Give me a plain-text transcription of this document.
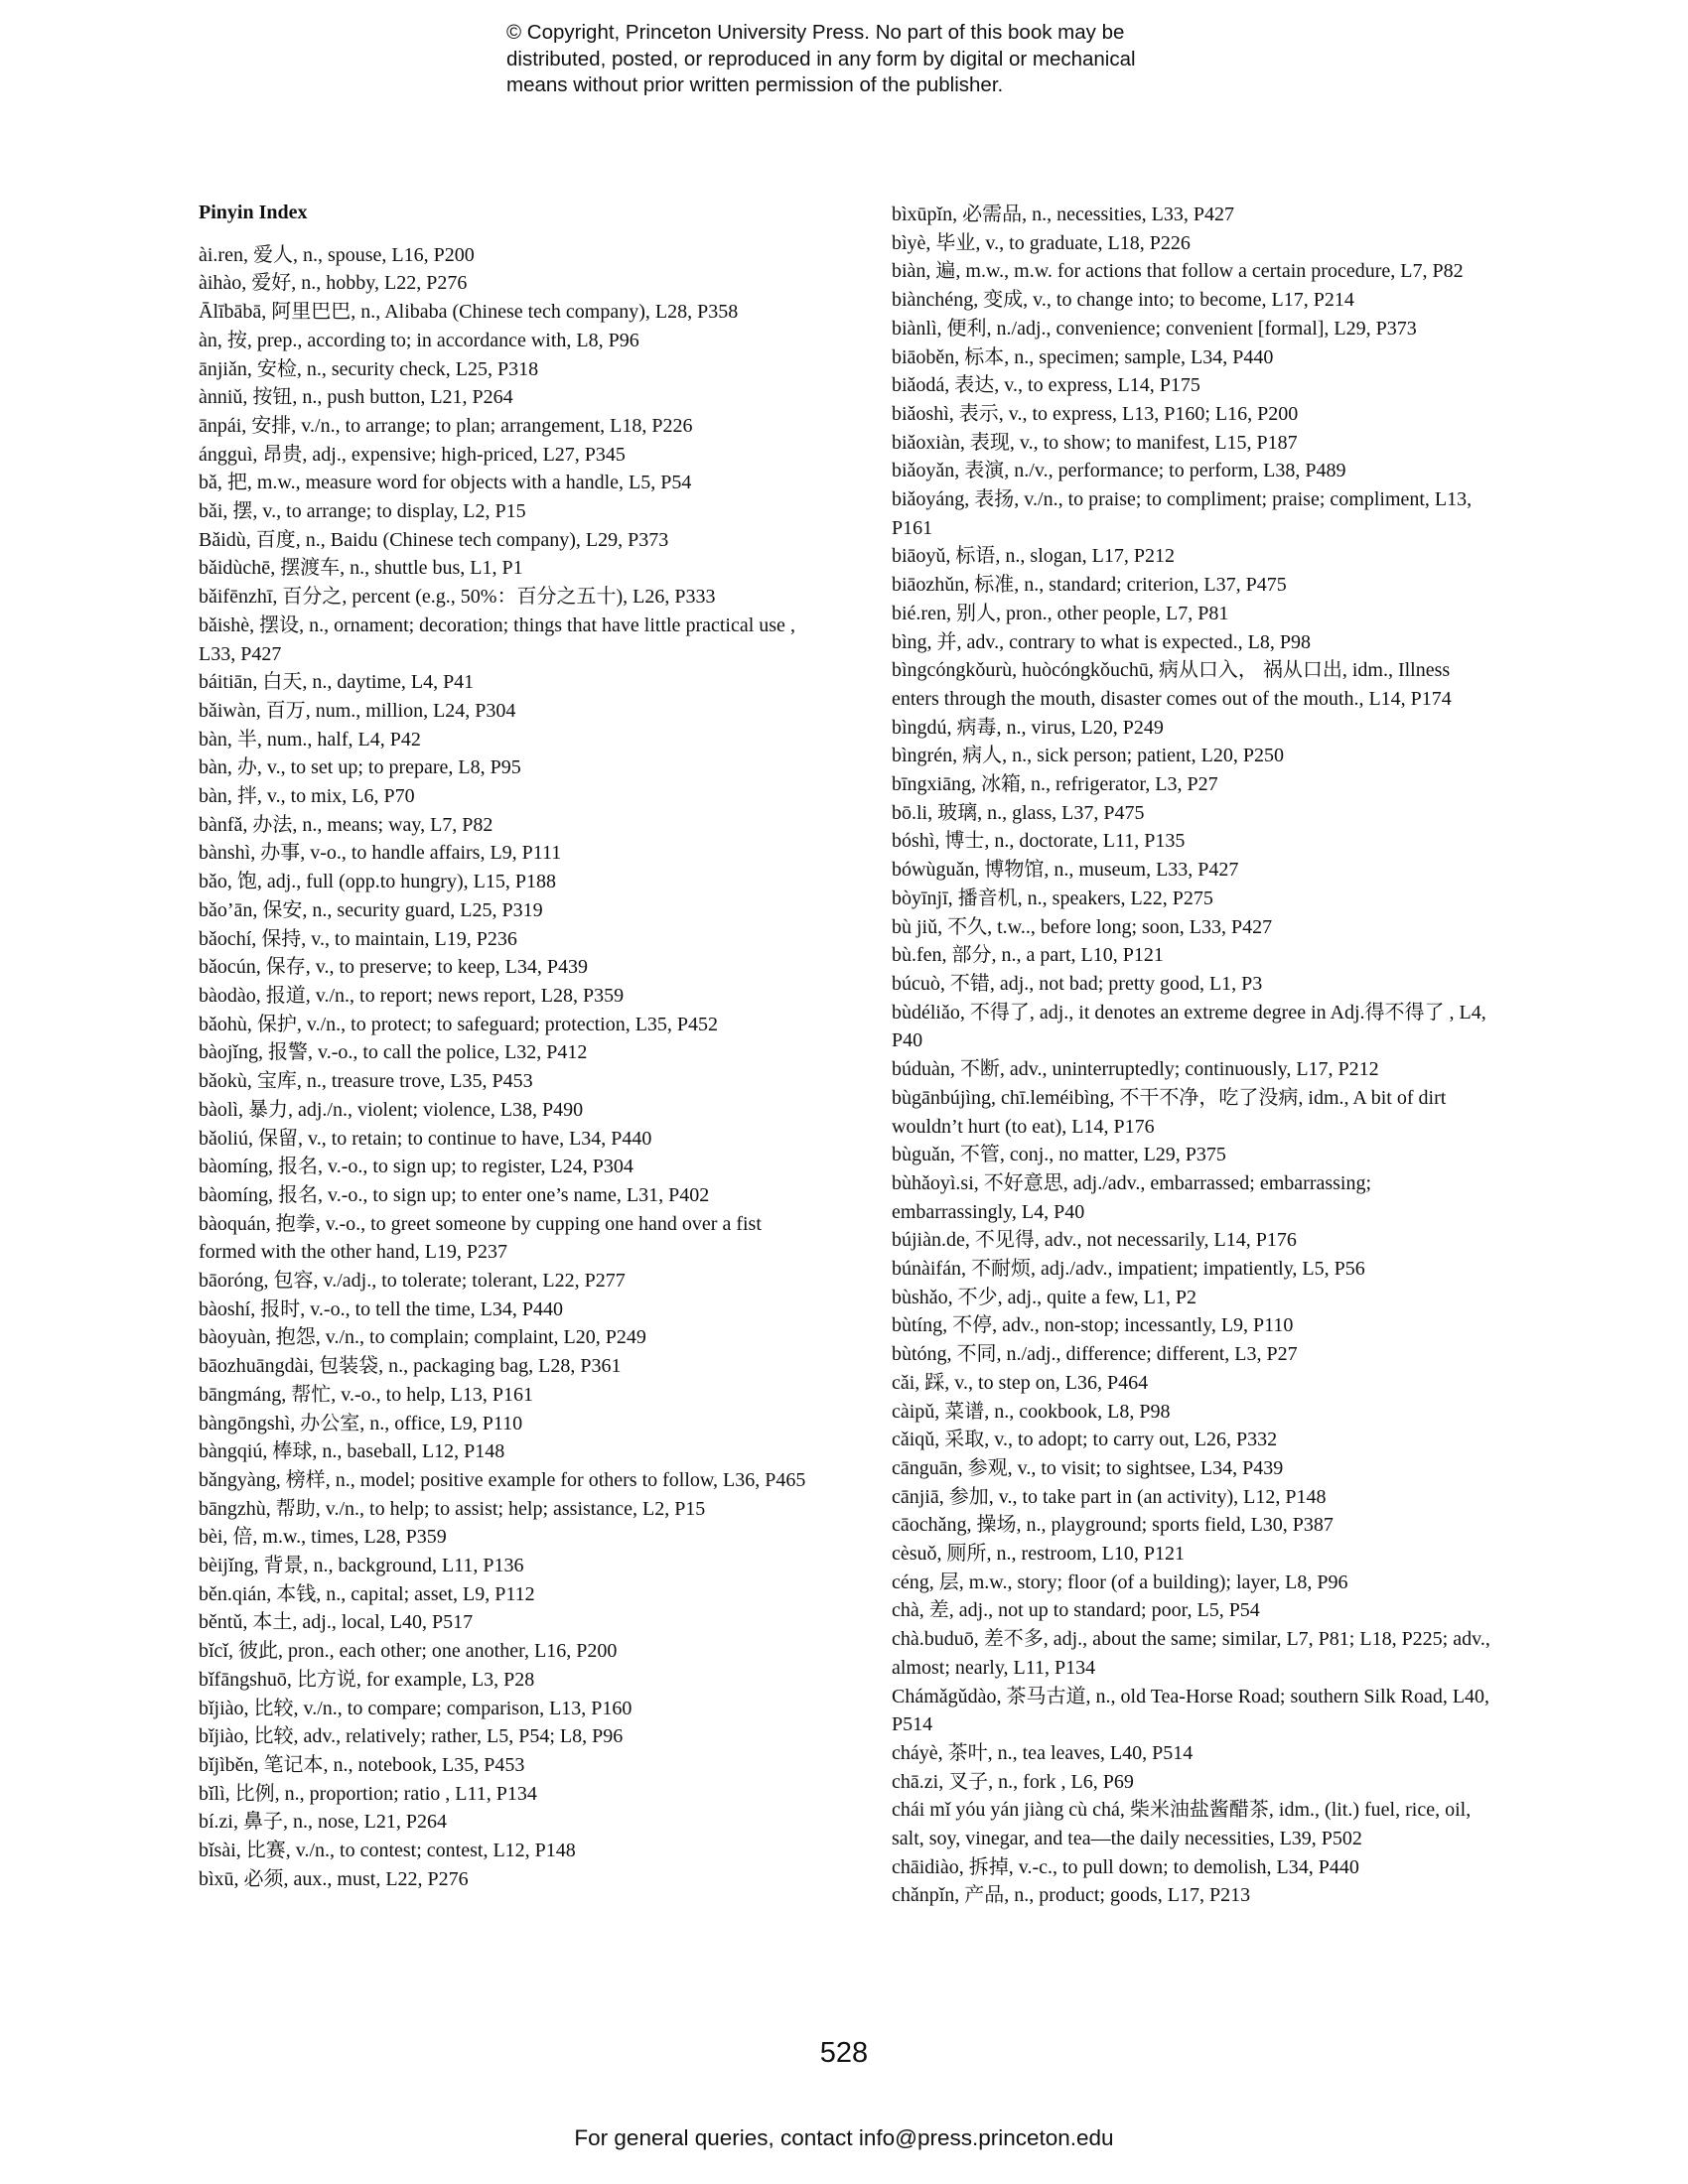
© Copyright, Princeton University Press. No part of this book may be
distributed, posted, or reproduced in any form by digital or mechanical
means without prior written permission of the publisher.
Pinyin Index
ài.ren, 爱人, n., spouse, L16, P200
àihào, 爱好, n., hobby, L22, P276
Ālībābā, 阿里巴巴, n., Alibaba (Chinese tech company), L28, P358
àn, 按, prep., according to; in accordance with, L8, P96
ānjiǎn, 安检, n., security check, L25, P318
ànniǔ, 按钮, n., push button, L21, P264
ānpái, 安排, v./n., to arrange; to plan; arrangement, L18, P226
ángguì, 昂贵, adj., expensive; high-priced, L27, P345
bǎ, 把, m.w., measure word for objects with a handle, L5, P54
bǎi, 摆, v., to arrange; to display, L2, P15
Bǎidù, 百度, n., Baidu (Chinese tech company), L29, P373
bǎidùchē, 摆渡车, n., shuttle bus, L1, P1
bǎifēnzhī, 百分之, percent (e.g., 50%：百分之五十), L26, P333
bǎishè, 摆设, n., ornament; decoration; things that have little practical use , L33, P427
báitiān, 白天, n., daytime, L4, P41
bǎiwàn, 百万, num., million, L24, P304
bàn, 半, num., half, L4, P42
bàn, 办, v., to set up; to prepare, L8, P95
bàn, 拌, v., to mix, L6, P70
bànfǎ, 办法, n., means; way, L7, P82
bànshì, 办事, v-o., to handle affairs, L9, P111
bǎo, 饱, adj., full (opp.to hungry), L15, P188
bǎo’ān, 保安, n., security guard, L25, P319
bǎochí, 保持, v., to maintain, L19, P236
bǎocún, 保存, v., to preserve; to keep, L34, P439
bàodào, 报道, v./n., to report; news report, L28, P359
bǎohù, 保护, v./n., to protect; to safeguard; protection, L35, P452
bàojǐng, 报警, v.-o., to call the police, L32, P412
bǎokù, 宝库, n., treasure trove, L35, P453
bàolì, 暴力, adj./n., violent; violence, L38, P490
bǎoliú, 保留, v., to retain; to continue to have, L34, P440
bàomíng, 报名, v.-o., to sign up; to register, L24, P304
bàomíng, 报名, v.-o., to sign up; to enter one’s name, L31, P402
bàoquán, 抱拳, v.-o., to greet someone by cupping one hand over a fist formed with the other hand, L19, P237
bāoróng, 包容, v./adj., to tolerate; tolerant, L22, P277
bàoshí, 报时, v.-o., to tell the time, L34, P440
bàoyuàn, 抱怨, v./n., to complain; complaint, L20, P249
bāozhuāngdài, 包装袋, n., packaging bag, L28, P361
bāngmáng, 帮忙, v.-o., to help, L13, P161
bàngōngshì, 办公室, n., office, L9, P110
bàngqiú, 棒球, n., baseball, L12, P148
bǎngyàng, 榜样, n., model; positive example for others to follow, L36, P465
bāngzhù, 帮助, v./n., to help; to assist; help; assistance, L2, P15
bèi, 倍, m.w., times, L28, P359
bèijǐng, 背景, n., background, L11, P136
běn.qián, 本钱, n., capital; asset, L9, P112
běntǔ, 本土, adj., local, L40, P517
bǐcǐ, 彼此, pron., each other; one another, L16, P200
bǐfāngshuō, 比方说, for example, L3, P28
bǐjiào, 比较, v./n., to compare; comparison, L13, P160
bǐjiào, 比较, adv., relatively; rather, L5, P54; L8, P96
bǐjìběn, 笔记本, n., notebook, L35, P453
bǐlì, 比例, n., proportion; ratio , L11, P134
bí.zi, 鼻子, n., nose, L21, P264
bǐsài, 比赛, v./n., to contest; contest, L12, P148
bìxū, 必须, aux., must, L22, P276
bìxūpǐn, 必需品, n., necessities, L33, P427
bìyè, 毕业, v., to graduate, L18, P226
biàn, 遍, m.w., m.w. for actions that follow a certain procedure, L7, P82
biànchéng, 变成, v., to change into; to become, L17, P214
biànlì, 便利, n./adj., convenience; convenient [formal], L29, P373
biāoběn, 标本, n., specimen; sample, L34, P440
biǎodá, 表达, v., to express, L14, P175
biǎoshì, 表示, v., to express, L13, P160; L16, P200
biǎoxiàn, 表现, v., to show; to manifest, L15, P187
biǎoyǎn, 表演, n./v., performance; to perform, L38, P489
biǎoyáng, 表扬, v./n., to praise; to compliment; praise; compliment, L13, P161
biāoyǔ, 标语, n., slogan, L17, P212
biāozhǔn, 标准, n., standard; criterion, L37, P475
bié.ren, 别人, pron., other people, L7, P81
bìng, 并, adv., contrary to what is expected., L8, P98
bìngcóngkǒurù, huòcóngkǒuchū, 病从口入， 祸从口出, idm., Illness enters through the mouth, disaster comes out of the mouth., L14, P174
bìngdú, 病毒, n., virus, L20, P249
bìngrén, 病人, n., sick person; patient, L20, P250
bīngxiāng, 冰箱, n., refrigerator, L3, P27
bō.li, 玻璃, n., glass, L37, P475
bóshì, 博士, n., doctorate, L11, P135
bówùguǎn, 博物馆, n., museum, L33, P427
bòyīnjī, 播音机, n., speakers, L22, P275
bù jiǔ, 不久, t.w.., before long; soon, L33, P427
bù.fen, 部分, n., a part, L10, P121
búcuò, 不错, adj., not bad; pretty good, L1, P3
bùdéliǎo, 不得了, adj., it denotes an extreme degree in Adj.得不得了 , L4, P40
búduàn, 不断, adv., uninterruptedly; continuously, L17, P212
bùgānbújìng, chī.leméibìng, 不干不净，吃了没病, idm., A bit of dirt wouldn’t hurt (to eat), L14, P176
bùguǎn, 不管, conj., no matter, L29, P375
bùhǎoyì.si, 不好意思, adj./adv., embarrassed; embarrassing; embarrassingly, L4, P40
bújiàn.de, 不见得, adv., not necessarily, L14, P176
búnàifán, 不耐烦, adj./adv., impatient; impatiently, L5, P56
bùshǎo, 不少, adj., quite a few, L1, P2
bùtíng, 不停, adv., non-stop; incessantly, L9, P110
bùtóng, 不同, n./adj., difference; different, L3, P27
cǎi, 踩, v., to step on, L36, P464
càipǔ, 菜谱, n., cookbook, L8, P98
cǎiqǔ, 采取, v., to adopt; to carry out, L26, P332
cānguān, 参观, v., to visit; to sightsee, L34, P439
cānjiā, 参加, v., to take part in (an activity), L12, P148
cāochǎng, 操场, n., playground; sports field, L30, P387
cèsuǒ, 厕所, n., restroom, L10, P121
céng, 层, m.w., story; floor (of a building); layer, L8, P96
chà, 差, adj., not up to standard; poor, L5, P54
chà.buduō, 差不多, adj., about the same; similar, L7, P81; L18, P225; adv., almost; nearly, L11, P134
Chámǎgǔdào, 茶马古道, n., old Tea-Horse Road; southern Silk Road, L40, P514
cháyè, 茶叶, n., tea leaves, L40, P514
chā.zi, 叉子, n., fork , L6, P69
chái mǐ yóu yán jiàng cù chá, 柴米油盐酱醋茶, idm., (lit.) fuel, rice, oil, salt, soy, vinegar, and tea—the daily necessities, L39, P502
chāidiào, 拆掉, v.-c., to pull down; to demolish, L34, P440
chǎnpǐn, 产品, n., product; goods, L17, P213
528
For general queries, contact info@press.princeton.edu
